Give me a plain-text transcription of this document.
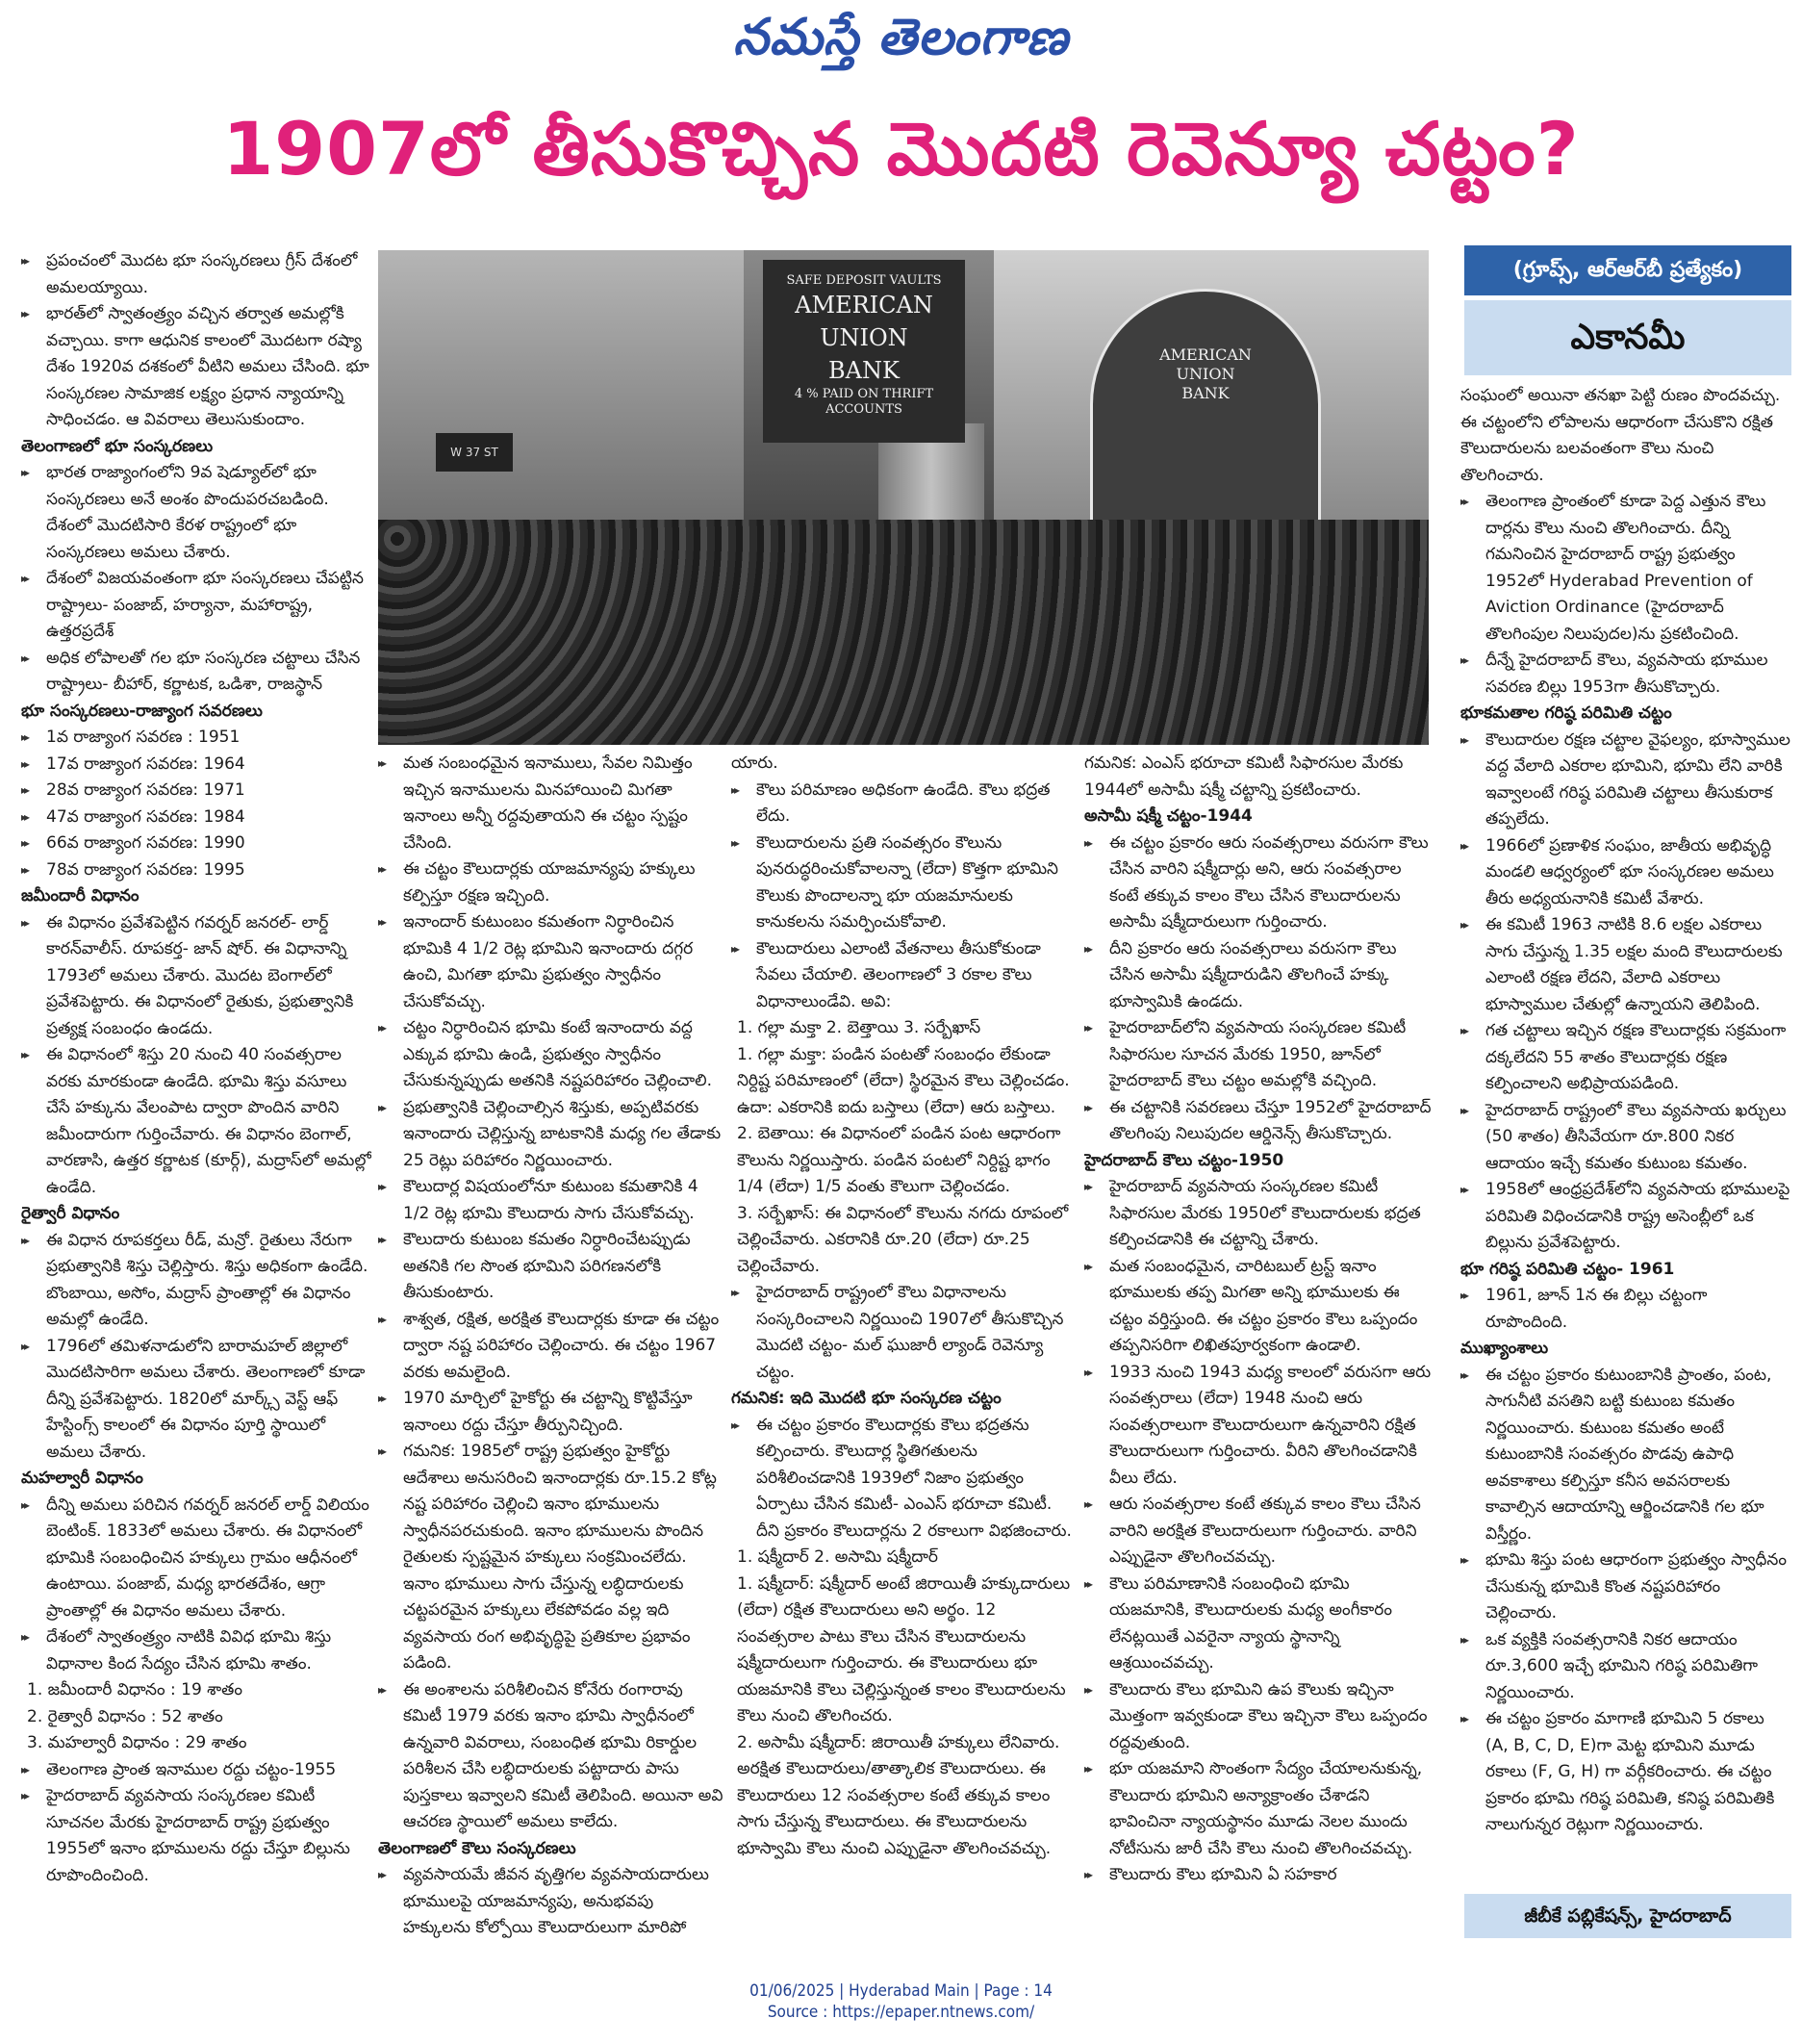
నమస్తే తెలంగాణ
1907లో తీసుకొచ్చిన మొదటి రెవెన్యూ చట్టం?

▸▸ ప్రపంచంలో మొదట భూ సంస్కరణలు గ్రీస్ దేశంలో అమలయ్యాయి.

▸▸ భారత్‌లో స్వాతంత్ర్యం వచ్చిన తర్వాత అమల్లోకి వచ్చాయి. కాగా ఆధునిక కాలంలో మొదటగా రష్యా దేశం 1920వ దశకంలో వీటిని అమలు చేసింది. భూ సంస్కరణల సామాజిక లక్ష్యం ప్రధాన న్యాయాన్ని సాధించడం. ఆ వివరాలు తెలుసుకుందాం.

తెలంగాణలో భూ సంస్కరణలు

▸▸ భారత రాజ్యాంగంలోని 9వ షెడ్యూల్‌లో భూ సంస్కరణలు అనే అంశం పొందుపరచబడింది. దేశంలో మొదటిసారి కేరళ రాష్ట్రంలో భూ సంస్కరణలు అమలు చేశారు.

▸▸ దేశంలో విజయవంతంగా భూ సంస్కరణలు చేపట్టిన రాష్ట్రాలు- పంజాబ్, హర్యానా, మహారాష్ట్ర, ఉత్తరప్రదేశ్

▸▸ అధిక లోపాలతో గల భూ సంస్కరణ చట్టాలు చేసిన రాష్ట్రాలు- బీహార్, కర్ణాటక, ఒడిశా, రాజస్థాన్

భూ సంస్కరణలు-రాజ్యాంగ సవరణలు

▸▸ 1వ రాజ్యాంగ సవరణ : 1951

▸▸ 17వ రాజ్యాంగ సవరణ: 1964

▸▸ 28వ రాజ్యాంగ సవరణ: 1971

▸▸ 47వ రాజ్యాంగ సవరణ: 1984

▸▸ 66వ రాజ్యాంగ సవరణ: 1990

▸▸ 78వ రాజ్యాంగ సవరణ: 1995

జమీందారీ విధానం

▸▸ ఈ విధానం ప్రవేశపెట్టిన గవర్నర్ జనరల్- లార్డ్ కారన్‌వాలీస్. రూపకర్త- జాన్ షోర్. ఈ విధానాన్ని 1793లో అమలు చేశారు. మొదట బెంగాల్‌లో ప్రవేశపెట్టారు. ఈ విధానంలో రైతుకు, ప్రభుత్వానికి ప్రత్యక్ష సంబంధం ఉండదు.

▸▸ ఈ విధానంలో శిస్తు 20 నుంచి 40 సంవత్సరాల వరకు మారకుండా ఉండేది. భూమి శిస్తు వసూలు చేసే హక్కును వేలంపాట ద్వారా పొందిన వారిని జమీందారుగా గుర్తించేవారు. ఈ విధానం బెంగాల్, వారణాసి, ఉత్తర కర్ణాటక (కూర్గ్), మద్రాస్‌లో అమల్లో ఉండేది.

రైత్వారీ విధానం

▸▸ ఈ విధాన రూపకర్తలు రీడ్, మన్రో. రైతులు నేరుగా ప్రభుత్వానికి శిస్తు చెల్లిస్తారు. శిస్తు అధికంగా ఉండేది. బొంబాయి, అసోం, మద్రాస్ ప్రాంతాల్లో ఈ విధానం అమల్లో ఉండేది.

▸▸ 1796లో తమిళనాడులోని బారామహల్ జిల్లాలో మొదటిసారిగా అమలు చేశారు. తెలంగాణలో కూడా దీన్ని ప్రవేశపెట్టారు. 1820లో మార్క్స్ వెస్ట్ ఆఫ్ హేస్టింగ్స్ కాలంలో ఈ విధానం పూర్తి స్థాయిలో అమలు చేశారు.

మహల్వారీ విధానం

▸▸ దీన్ని అమలు పరిచిన గవర్నర్ జనరల్ లార్డ్ విలియం బెంటింక్. 1833లో అమలు చేశారు. ఈ విధానంలో భూమికి సంబంధించిన హక్కులు గ్రామం ఆధీనంలో ఉంటాయి. పంజాబ్, మధ్య భారతదేశం, ఆగ్రా ప్రాంతాల్లో ఈ విధానం అమలు చేశారు.

▸▸ దేశంలో స్వాతంత్ర్యం నాటికి వివిధ భూమి శిస్తు విధానాల కింద సేద్యం చేసిన భూమి శాతం.

1. జమీందారీ విధానం : 19 శాతం

2. రైత్వారీ విధానం : 52 శాతం

3. మహల్వారీ విధానం : 29 శాతం

▸▸ తెలంగాణ ప్రాంత ఇనాముల రద్దు చట్టం-1955

▸▸ హైదరాబాద్ వ్యవసాయ సంస్కరణల కమిటీ సూచనల మేరకు హైదరాబాద్ రాష్ట్ర ప్రభుత్వం 1955లో ఇనాం భూములను రద్దు చేస్తూ బిల్లును రూపొందించింది.

SAFE DEPOSIT VAULTS
AMERICAN
UNION
BANK
4 % PAID ON THRIFT ACCOUNTS
AMERICAN
UNION
BANK
W 37 ST
(గ్రూప్స్, ఆర్ఆర్‌బీ ప్రత్యేకం)
ఎకానమీ

▸▸ మత సంబంధమైన ఇనాములు, సేవల నిమిత్తం ఇచ్చిన ఇనాములను మినహాయించి మిగతా ఇనాంలు అన్నీ రద్దవుతాయని ఈ చట్టం స్పష్టం చేసింది.

▸▸ ఈ చట్టం కౌలుదార్లకు యాజమాన్యపు హక్కులు కల్పిస్తూ రక్షణ ఇచ్చింది.

▸▸ ఇనాందార్ కుటుంబం కమతంగా నిర్ధారించిన భూమికి 4 1/2 రెట్ల భూమిని ఇనాందారు దగ్గర ఉంచి, మిగతా భూమి ప్రభుత్వం స్వాధీనం చేసుకోవచ్చు.

▸▸ చట్టం నిర్ధారించిన భూమి కంటే ఇనాందారు వద్ద ఎక్కువ భూమి ఉండి, ప్రభుత్వం స్వాధీనం చేసుకున్నప్పుడు అతనికి నష్టపరిహారం చెల్లించాలి.

▸▸ ప్రభుత్వానికి చెల్లించాల్సిన శిస్తుకు, అప్పటివరకు ఇనాందారు చెల్లిస్తున్న బాటకానికి మధ్య గల తేడాకు 25 రెట్లు పరిహారం నిర్ణయించారు.

▸▸ కౌలుదార్ల విషయంలోనూ కుటుంబ కమతానికి 4 1/2 రెట్ల భూమి కౌలుదారు సాగు చేసుకోవచ్చు.

▸▸ కౌలుదారు కుటుంబ కమతం నిర్ధారించేటప్పుడు అతనికి గల సొంత భూమిని పరిగణనలోకి తీసుకుంటారు.

▸▸ శాశ్వత, రక్షిత, అరక్షిత కౌలుదార్లకు కూడా ఈ చట్టం ద్వారా నష్ట పరిహారం చెల్లించారు. ఈ చట్టం 1967 వరకు అమలైంది.

▸▸ 1970 మార్చిలో హైకోర్టు ఈ చట్టాన్ని కొట్టివేస్తూ ఇనాంలు రద్దు చేస్తూ తీర్పునిచ్చింది.

▸▸ గమనిక: 1985లో రాష్ట్ర ప్రభుత్వం హైకోర్టు ఆదేశాలు అనుసరించి ఇనాందార్లకు రూ.15.2 కోట్ల నష్ట పరిహారం చెల్లించి ఇనాం భూములను స్వాధీనపరచుకుంది. ఇనాం భూములను పొందిన రైతులకు స్పష్టమైన హక్కులు సంక్రమించలేదు. ఇనాం భూములు సాగు చేస్తున్న లబ్ధిదారులకు చట్టపరమైన హక్కులు లేకపోవడం వల్ల ఇది వ్యవసాయ రంగ అభివృద్ధిపై ప్రతికూల ప్రభావం పడింది.

▸▸ ఈ అంశాలను పరిశీలించిన కోనేరు రంగారావు కమిటీ 1979 వరకు ఇనాం భూమి స్వాధీనంలో ఉన్నవారి వివరాలు, సంబంధిత భూమి రికార్డుల పరిశీలన చేసి లబ్ధిదారులకు పట్టాదారు పాసు పుస్తకాలు ఇవ్వాలని కమిటీ తెలిపింది. అయినా అవి ఆచరణ స్థాయిలో అమలు కాలేదు.

తెలంగాణలో కౌలు సంస్కరణలు

▸▸ వ్యవసాయమే జీవన వృత్తిగల వ్యవసాయదారులు భూములపై యాజమాన్యపు, అనుభవపు హక్కులను కోల్పోయి కౌలుదారులుగా మారిపో

యారు.

▸▸ కౌలు పరిమాణం అధికంగా ఉండేది. కౌలు భద్రత లేదు.

▸▸ కౌలుదారులను ప్రతి సంవత్సరం కౌలును పునరుద్ధరించుకోవాలన్నా (లేదా) కొత్తగా భూమిని కౌలుకు పొందాలన్నా భూ యజమానులకు కానుకలను సమర్పించుకోవాలి.

▸▸ కౌలుదారులు ఎలాంటి వేతనాలు తీసుకోకుండా సేవలు చేయాలి. తెలంగాణలో 3 రకాల కౌలు విధానాలుండేవి. అవి:

1. గల్లా మక్తా 2. బెత్తాయి 3. సర్బేఖాస్

1. గల్లా మక్తా: పండిన పంటతో సంబంధం లేకుండా నిర్దిష్ట పరిమాణంలో (లేదా) స్థిరమైన కౌలు చెల్లించడం. ఉదా: ఎకరానికి ఐదు బస్తాలు (లేదా) ఆరు బస్తాలు.

2. బెతాయి: ఈ విధానంలో పండిన పంట ఆధారంగా కౌలును నిర్ణయిస్తారు. పండిన పంటలో నిర్దిష్ట భాగం 1/4 (లేదా) 1/5 వంతు కౌలుగా చెల్లించడం.

3. సర్బేఖాస్: ఈ విధానంలో కౌలును నగదు రూపంలో చెల్లించేవారు. ఎకరానికి రూ.20 (లేదా) రూ.25 చెల్లించేవారు.

▸▸ హైదరాబాద్ రాష్ట్రంలో కౌలు విధానాలను సంస్కరించాలని నిర్ణయించి 1907లో తీసుకొచ్చిన మొదటి చట్టం- మల్ ఘుజారీ ల్యాండ్ రెవెన్యూ చట్టం.

గమనిక: ఇది మొదటి భూ సంస్కరణ చట్టం

▸▸ ఈ చట్టం ప్రకారం కౌలుదార్లకు కౌలు భద్రతను కల్పించారు. కౌలుదార్ల స్థితిగతులను పరిశీలించడానికి 1939లో నిజాం ప్రభుత్వం ఏర్పాటు చేసిన కమిటీ- ఎంఎస్ భరూచా కమిటీ. దీని ప్రకారం కౌలుదార్లను 2 రకాలుగా విభజించారు.

1. షక్మీదార్ 2. అసామి షక్మీదార్

1. షక్మీదార్: షక్మీదార్ అంటే జిరాయితీ హక్కుదారులు (లేదా) రక్షిత కౌలుదారులు అని అర్థం. 12 సంవత్సరాల పాటు కౌలు చేసిన కౌలుదారులను షక్మీదారులుగా గుర్తించారు. ఈ కౌలుదారులు భూ యజమానికి కౌలు చెల్లిస్తున్నంత కాలం కౌలుదారులను కౌలు నుంచి తొలగించరు.

2. అసామీ షక్మీదార్: జిరాయితీ హక్కులు లేనివారు. అరక్షిత కౌలుదారులు/తాత్కాలిక కౌలుదారులు. ఈ కౌలుదారులు 12 సంవత్సరాల కంటే తక్కువ కాలం సాగు చేస్తున్న కౌలుదారులు. ఈ కౌలుదారులను భూస్వామి కౌలు నుంచి ఎప్పుడైనా తొలగించవచ్చు.

గమనిక: ఎంఎస్ భరూచా కమిటీ సిఫారసుల మేరకు 1944లో అసామీ షక్మీ చట్టాన్ని ప్రకటించారు.

అసామీ షక్మీ చట్టం-1944

▸▸ ఈ చట్టం ప్రకారం ఆరు సంవత్సరాలు వరుసగా కౌలు చేసిన వారిని షక్మీదార్లు అని, ఆరు సంవత్సరాల కంటే తక్కువ కాలం కౌలు చేసిన కౌలుదారులను అసామీ షక్మీదారులుగా గుర్తించారు.

▸▸ దీని ప్రకారం ఆరు సంవత్సరాలు వరుసగా కౌలు చేసిన అసామీ షక్మీదారుడిని తొలగించే హక్కు భూస్వామికి ఉండదు.

▸▸ హైదరాబాద్‌లోని వ్యవసాయ సంస్కరణల కమిటీ సిఫారసుల సూచన మేరకు 1950, జూన్‌లో హైదరాబాద్ కౌలు చట్టం అమల్లోకి వచ్చింది.

▸▸ ఈ చట్టానికి సవరణలు చేస్తూ 1952లో హైదరాబాద్ తొలగింపు నిలుపుదల ఆర్డినెన్స్ తీసుకొచ్చారు.

హైదరాబాద్ కౌలు చట్టం-1950

▸▸ హైదరాబాద్ వ్యవసాయ సంస్కరణల కమిటీ సిఫారసుల మేరకు 1950లో కౌలుదారులకు భద్రత కల్పించడానికి ఈ చట్టాన్ని చేశారు.

▸▸ మత సంబంధమైన, చారిటబుల్ ట్రస్ట్ ఇనాం భూములకు తప్ప మిగతా అన్ని భూములకు ఈ చట్టం వర్తిస్తుంది. ఈ చట్టం ప్రకారం కౌలు ఒప్పందం తప్పనిసరిగా లిఖితపూర్వకంగా ఉండాలి.

▸▸ 1933 నుంచి 1943 మధ్య కాలంలో వరుసగా ఆరు సంవత్సరాలు (లేదా) 1948 నుంచి ఆరు సంవత్సరాలుగా కౌలుదారులుగా ఉన్నవారిని రక్షిత కౌలుదారులుగా గుర్తించారు. వీరిని తొలగించడానికి వీలు లేదు.

▸▸ ఆరు సంవత్సరాల కంటే తక్కువ కాలం కౌలు చేసిన వారిని అరక్షిత కౌలుదారులుగా గుర్తించారు. వారిని ఎప్పుడైనా తొలగించవచ్చు.

▸▸ కౌలు పరిమాణానికి సంబంధించి భూమి యజమానికి, కౌలుదారులకు మధ్య అంగీకారం లేనట్లయితే ఎవరైనా న్యాయ స్థానాన్ని ఆశ్రయించవచ్చు.

▸▸ కౌలుదారు కౌలు భూమిని ఉప కౌలుకు ఇచ్చినా మొత్తంగా ఇవ్వకుండా కౌలు ఇచ్చినా కౌలు ఒప్పందం రద్దవుతుంది.

▸▸ భూ యజమాని సొంతంగా సేద్యం చేయాలనుకున్న, కౌలుదారు భూమిని అన్యాక్రాంతం చేశాడని భావించినా న్యాయస్థానం మూడు నెలల ముందు నోటీసును జారీ చేసి కౌలు నుంచి తొలగించవచ్చు.

▸▸ కౌలుదారు కౌలు భూమిని ఏ సహకార

సంఘంలో అయినా తనఖా పెట్టి రుణం పొందవచ్చు. ఈ చట్టంలోని లోపాలను ఆధారంగా చేసుకొని రక్షిత కౌలుదారులను బలవంతంగా కౌలు నుంచి తొలగించారు.

▸▸ తెలంగాణ ప్రాంతంలో కూడా పెద్ద ఎత్తున కౌలు దార్లను కౌలు నుంచి తొలగించారు. దీన్ని గమనించిన హైదరాబాద్ రాష్ట్ర ప్రభుత్వం 1952లో Hyderabad Prevention of Aviction Ordinance (హైదరాబాద్ తొలగింపుల నిలుపుదల)ను ప్రకటించింది.

▸▸ దీన్నే హైదరాబాద్ కౌలు, వ్యవసాయ భూముల సవరణ బిల్లు 1953గా తీసుకొచ్చారు.

భూకమతాల గరిష్ఠ పరిమితి చట్టం

▸▸ కౌలుదారుల రక్షణ చట్టాల వైఫల్యం, భూస్వాముల వద్ద వేలాది ఎకరాల భూమిని, భూమి లేని వారికి ఇవ్వాలంటే గరిష్ఠ పరిమితి చట్టాలు తీసుకురాక తప్పలేదు.

▸▸ 1966లో ప్రణాళిక సంఘం, జాతీయ అభివృద్ధి మండలి ఆధ్వర్యంలో భూ సంస్కరణల అమలు తీరు అధ్యయనానికి కమిటీ వేశారు.

▸▸ ఈ కమిటీ 1963 నాటికి 8.6 లక్షల ఎకరాలు సాగు చేస్తున్న 1.35 లక్షల మంది కౌలుదారులకు ఎలాంటి రక్షణ లేదని, వేలాది ఎకరాలు భూస్వాముల చేతుల్లో ఉన్నాయని తెలిపింది.

▸▸ గత చట్టాలు ఇచ్చిన రక్షణ కౌలుదార్లకు సక్రమంగా దక్కలేదని 55 శాతం కౌలుదార్లకు రక్షణ కల్పించాలని అభిప్రాయపడింది.

▸▸ హైదరాబాద్ రాష్ట్రంలో కౌలు వ్యవసాయ ఖర్చులు (50 శాతం) తీసివేయగా రూ.800 నికర ఆదాయం ఇచ్చే కమతం కుటుంబ కమతం.

▸▸ 1958లో ఆంధ్రప్రదేశ్‌లోని వ్యవసాయ భూములపై పరిమితి విధించడానికి రాష్ట్ర అసెంబ్లీలో ఒక బిల్లును ప్రవేశపెట్టారు.

భూ గరిష్ఠ పరిమితి చట్టం- 1961

▸▸ 1961, జూన్ 1న ఈ బిల్లు చట్టంగా రూపొందింది.

ముఖ్యాంశాలు

▸▸ ఈ చట్టం ప్రకారం కుటుంబానికి ప్రాంతం, పంట, సాగునీటి వసతిని బట్టి కుటుంబ కమతం నిర్ణయించారు. కుటుంబ కమతం అంటే కుటుంబానికి సంవత్సరం పొడవు ఉపాధి అవకాశాలు కల్పిస్తూ కనీస అవసరాలకు కావాల్సిన ఆదాయాన్ని ఆర్జించడానికి గల భూ విస్తీర్ణం.

▸▸ భూమి శిస్తు పంట ఆధారంగా ప్రభుత్వం స్వాధీనం చేసుకున్న భూమికి కొంత నష్టపరిహారం చెల్లించారు.

▸▸ ఒక వ్యక్తికి సంవత్సరానికి నికర ఆదాయం రూ.3,600 ఇచ్చే భూమిని గరిష్ఠ పరిమితిగా నిర్ణయించారు.

▸▸ ఈ చట్టం ప్రకారం మాగాణి భూమిని 5 రకాలు (A, B, C, D, E)గా మెట్ట భూమిని మూడు రకాలు (F, G, H) గా వర్గీకరించారు. ఈ చట్టం ప్రకారం భూమి గరిష్ఠ పరిమితి, కనిష్ఠ పరిమితికి నాలుగున్నర రెట్లుగా నిర్ణయించారు.

జీబీకే పబ్లికేషన్స్, హైదరాబాద్
01/06/2025 | Hyderabad Main | Page : 14
Source : https://epaper.ntnews.com/
